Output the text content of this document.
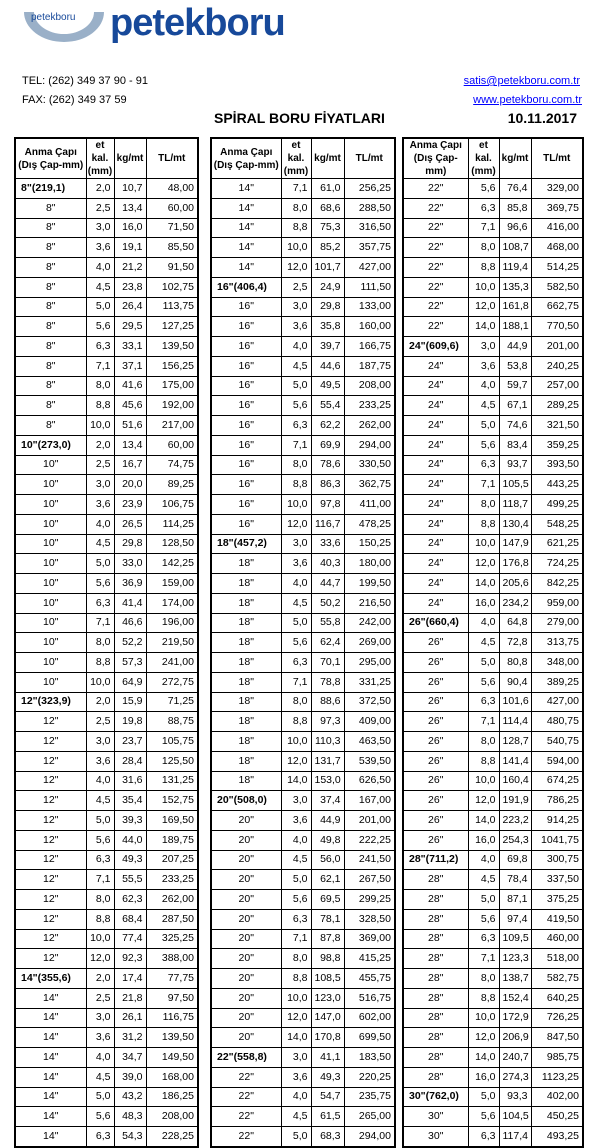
petekboru petekboru
TEL: (262) 349 37 90 - 91
FAX: (262) 349 37 59
satis@petekboru.com.tr
www.petekboru.com.tr
SPİRAL BORU FİYATLARI	10.11.2017
Anma Çapı (Dış Çap-mm)	et kal. (mm)	kg/mt	TL/mt
8"(219,1)	2,0	10,7	48,00
8"	2,5	13,4	60,00
8"	3,0	16,0	71,50
8"	3,6	19,1	85,50
8"	4,0	21,2	91,50
8"	4,5	23,8	102,75
8"	5,0	26,4	113,75
8"	5,6	29,5	127,25
8"	6,3	33,1	139,50
8"	7,1	37,1	156,25
8"	8,0	41,6	175,00
8"	8,8	45,6	192,00
8"	10,0	51,6	217,00
10"(273,0)	2,0	13,4	60,00
10"	2,5	16,7	74,75
10"	3,0	20,0	89,25
10"	3,6	23,9	106,75
10"	4,0	26,5	114,25
10"	4,5	29,8	128,50
10"	5,0	33,0	142,25
10"	5,6	36,9	159,00
10"	6,3	41,4	174,00
10"	7,1	46,6	196,00
10"	8,0	52,2	219,50
10"	8,8	57,3	241,00
10"	10,0	64,9	272,75
12"(323,9)	2,0	15,9	71,25
12"	2,5	19,8	88,75
12"	3,0	23,7	105,75
12"	3,6	28,4	125,50
12"	4,0	31,6	131,25
12"	4,5	35,4	152,75
12"	5,0	39,3	169,50
12"	5,6	44,0	189,75
12"	6,3	49,3	207,25
12"	7,1	55,5	233,25
12"	8,0	62,3	262,00
12"	8,8	68,4	287,50
12"	10,0	77,4	325,25
12"	12,0	92,3	388,00
14"(355,6)	2,0	17,4	77,75
14"	2,5	21,8	97,50
14"	3,0	26,1	116,75
14"	3,6	31,2	139,50
14"	4,0	34,7	149,50
14"	4,5	39,0	168,00
14"	5,0	43,2	186,25
14"	5,6	48,3	208,00
14"	6,3	54,3	228,25
Anma Çapı (Dış Çap-mm)	et kal. (mm)	kg/mt	TL/mt
14"	7,1	61,0	256,25
14"	8,0	68,6	288,50
14"	8,8	75,3	316,50
14"	10,0	85,2	357,75
14"	12,0	101,7	427,00
16"(406,4)	2,5	24,9	111,50
16"	3,0	29,8	133,00
16"	3,6	35,8	160,00
16"	4,0	39,7	166,75
16"	4,5	44,6	187,75
16"	5,0	49,5	208,00
16"	5,6	55,4	233,25
16"	6,3	62,2	262,00
16"	7,1	69,9	294,00
16"	8,0	78,6	330,50
16"	8,8	86,3	362,75
16"	10,0	97,8	411,00
16"	12,0	116,7	478,25
18"(457,2)	3,0	33,6	150,25
18"	3,6	40,3	180,00
18"	4,0	44,7	199,50
18"	4,5	50,2	216,50
18"	5,0	55,8	242,00
18"	5,6	62,4	269,00
18"	6,3	70,1	295,00
18"	7,1	78,8	331,25
18"	8,0	88,6	372,50
18"	8,8	97,3	409,00
18"	10,0	110,3	463,50
18"	12,0	131,7	539,50
18"	14,0	153,0	626,50
20"(508,0)	3,0	37,4	167,00
20"	3,6	44,9	201,00
20"	4,0	49,8	222,25
20"	4,5	56,0	241,50
20"	5,0	62,1	267,50
20"	5,6	69,5	299,25
20"	6,3	78,1	328,50
20"	7,1	87,8	369,00
20"	8,0	98,8	415,25
20"	8,8	108,5	455,75
20"	10,0	123,0	516,75
20"	12,0	147,0	602,00
20"	14,0	170,8	699,50
22"(558,8)	3,0	41,1	183,50
22"	3,6	49,3	220,25
22"	4,0	54,7	235,75
22"	4,5	61,5	265,00
22"	5,0	68,3	294,00
Anma Çapı (Dış Çap-mm)	et kal. (mm)	kg/mt	TL/mt
22"	5,6	76,4	329,00
22"	6,3	85,8	369,75
22"	7,1	96,6	416,00
22"	8,0	108,7	468,00
22"	8,8	119,4	514,25
22"	10,0	135,3	582,50
22"	12,0	161,8	662,75
22"	14,0	188,1	770,50
24"(609,6)	3,0	44,9	201,00
24"	3,6	53,8	240,25
24"	4,0	59,7	257,00
24"	4,5	67,1	289,25
24"	5,0	74,6	321,50
24"	5,6	83,4	359,25
24"	6,3	93,7	393,50
24"	7,1	105,5	443,25
24"	8,0	118,7	499,25
24"	8,8	130,4	548,25
24"	10,0	147,9	621,25
24"	12,0	176,8	724,25
24"	14,0	205,6	842,25
24"	16,0	234,2	959,00
26"(660,4)	4,0	64,8	279,00
26"	4,5	72,8	313,75
26"	5,0	80,8	348,00
26"	5,6	90,4	389,25
26"	6,3	101,6	427,00
26"	7,1	114,4	480,75
26"	8,0	128,7	540,75
26"	8,8	141,4	594,00
26"	10,0	160,4	674,25
26"	12,0	191,9	786,25
26"	14,0	223,2	914,25
26"	16,0	254,3	1041,75
28"(711,2)	4,0	69,8	300,75
28"	4,5	78,4	337,50
28"	5,0	87,1	375,25
28"	5,6	97,4	419,50
28"	6,3	109,5	460,00
28"	7,1	123,3	518,00
28"	8,0	138,7	582,75
28"	8,8	152,4	640,25
28"	10,0	172,9	726,25
28"	12,0	206,9	847,50
28"	14,0	240,7	985,75
28"	16,0	274,3	1123,25
30"(762,0)	5,0	93,3	402,00
30"	5,6	104,5	450,25
30"	6,3	117,4	493,25
